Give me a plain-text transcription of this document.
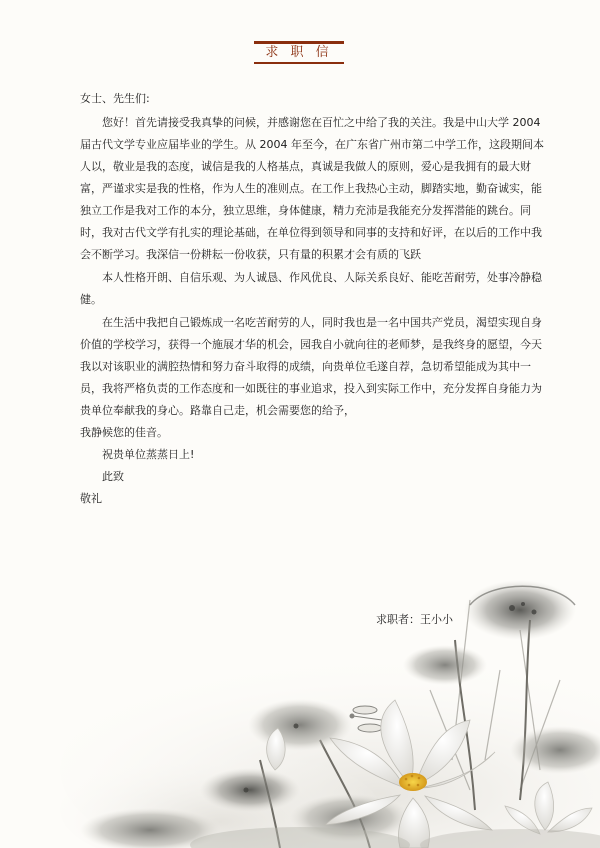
求 职 信

女士、先生们:

您好！首先请接受我真挚的问候，并感谢您在百忙之中给了我的关注。我是中山大学 2004 届古代文学专业应届毕业的学生。从 2004 年至今，在广东省广州市第二中学工作，这段期间本人以，敬业是我的态度，诚信是我的人格基点，真诚是我做人的原则，爱心是我拥有的最大财富，严谨求实是我的性格，作为人生的准则点。在工作上我热心主动，脚踏实地，勤奋诚实，能独立工作是我对工作的本分，独立思维，身体健康，精力充沛是我能充分发挥潜能的跳台。同时，我对古代文学有扎实的理论基础，在单位得到领导和同事的支持和好评，在以后的工作中我会不断学习。我深信一份耕耘一份收获，只有量的积累才会有质的飞跃

本人性格开朗、自信乐观、为人诚恳、作风优良、人际关系良好、能吃苦耐劳，处事冷静稳健。

在生活中我把自己锻炼成一名吃苦耐劳的人，同时我也是一名中国共产党员，渴望实现自身价值的学校学习，获得一个施展才华的机会，园我自小就向往的老师梦，是我终身的愿望，今天我以对该职业的满腔热情和努力奋斗取得的成绩，向贵单位毛遂自荐，急切希望能成为其中一员，我将严格负责的工作态度和一如既往的事业追求，投入到实际工作中，充分发挥自身能力为贵单位奉献我的身心。路靠自己走，机会需要您的给予，

我静候您的佳音。

祝贵单位蒸蒸日上!

此致

敬礼

求职者：王小小
